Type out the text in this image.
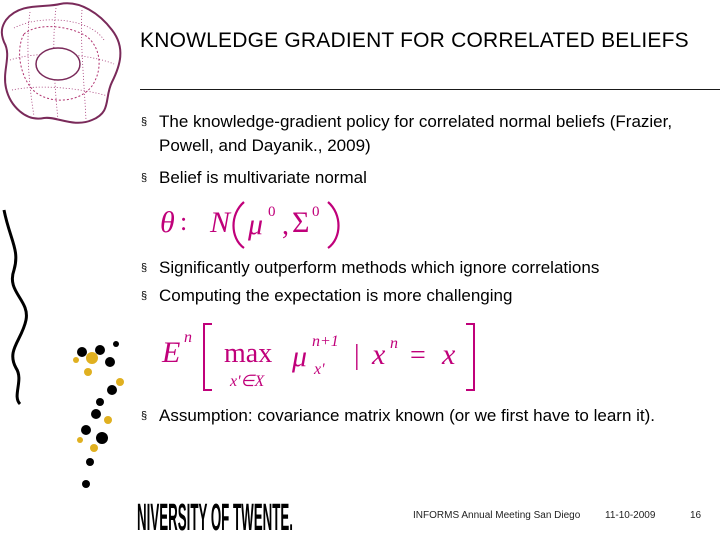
KNOWLEDGE GRADIENT FOR CORRELATED BELIEFS
§ The knowledge-gradient policy for correlated normal beliefs (Frazier, Powell, and Dayanik., 2009)
§ Belief is multivariate normal
θ : N μ 0 , Σ 0
§ Significantly outperform methods which ignore correlations
§ Computing the expectation is more challenging
E n
max
x'∈X
μ n+1
x' | x n = x
§ Assumption: covariance matrix known (or we first have to learn it).
NIVERSITY OF TWENTE.	INFORMS Annual Meeting San Diego 11-10-2009	16
